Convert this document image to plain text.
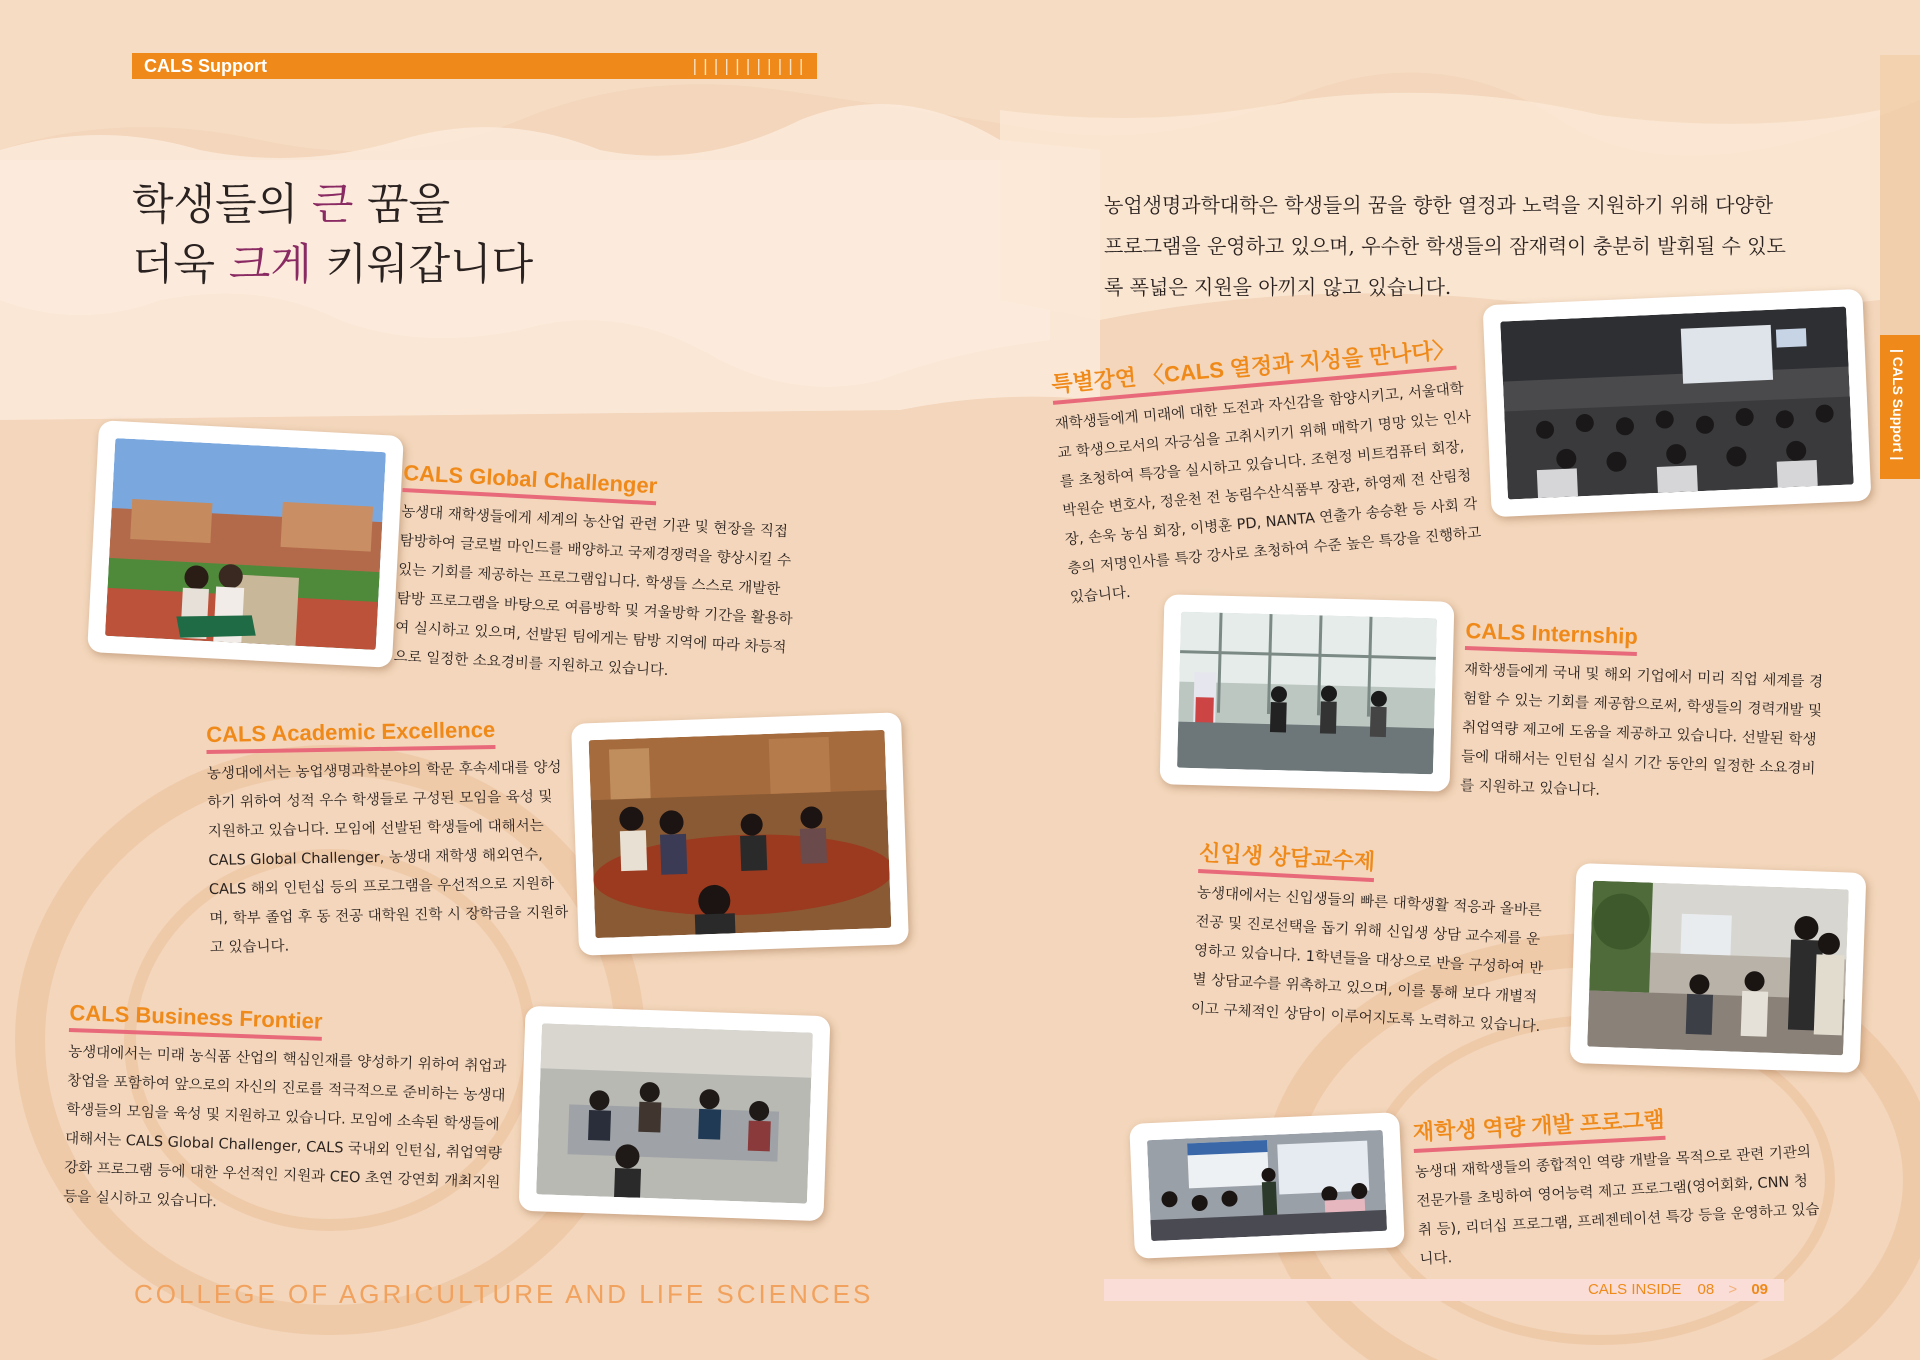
CALS Support	|||||||||||
| CALS Support |
학생들의 큰 꿈을
더욱 크게 키워갑니다
농업생명과학대학은 학생들의 꿈을 향한 열정과 노력을 지원하기 위해 다양한 프로그램을 운영하고 있으며, 우수한 학생들의 잠재력이 충분히 발휘될 수 있도록 폭넓은 지원을 아끼지 않고 있습니다.
CALS Global Challenger
농생대 재학생들에게 세계의 농산업 관련 기관 및 현장을 직접 탐방하여 글로벌 마인드를 배양하고 국제경쟁력을 향상시킬 수 있는 기회를 제공하는 프로그램입니다. 학생들 스스로 개발한 탐방 프로그램을 바탕으로 여름방학 및 겨울방학 기간을 활용하여 실시하고 있으며, 선발된 팀에게는 탐방 지역에 따라 차등적으로 일정한 소요경비를 지원하고 있습니다.
CALS Academic Excellence
농생대에서는 농업생명과학분야의 학문 후속세대를 양성하기 위하여 성적 우수 학생들로 구성된 모임을 육성 및 지원하고 있습니다. 모임에 선발된 학생들에 대해서는 CALS Global Challenger, 농생대 재학생 해외연수, CALS 해외 인턴십 등의 프로그램을 우선적으로 지원하며, 학부 졸업 후 동 전공 대학원 진학 시 장학금을 지원하고 있습니다.
CALS Business Frontier
농생대에서는 미래 농식품 산업의 핵심인재를 양성하기 위하여 취업과 창업을 포함하여 앞으로의 자신의 진로를 적극적으로 준비하는 농생대 학생들의 모임을 육성 및 지원하고 있습니다. 모임에 소속된 학생들에 대해서는 CALS Global Challenger, CALS 국내외 인턴십, 취업역량 강화 프로그램 등에 대한 우선적인 지원과 CEO 초연 강연회 개최지원 등을 실시하고 있습니다.
특별강연 〈CALS 열정과 지성을 만나다〉
재학생들에게 미래에 대한 도전과 자신감을 함양시키고, 서울대학교 학생으로서의 자긍심을 고취시키기 위해 매학기 명망 있는 인사를 초청하여 특강을 실시하고 있습니다. 조현정 비트컴퓨터 회장, 박원순 변호사, 정운천 전 농림수산식품부 장관, 하영제 전 산림청장, 손욱 농심 회장, 이병훈 PD, NANTA 연출가 송승환 등 사회 각층의 저명인사를 특강 강사로 초청하여 수준 높은 특강을 진행하고 있습니다.
CALS Internship
재학생들에게 국내 및 해외 기업에서 미리 직업 세계를 경험할 수 있는 기회를 제공함으로써, 학생들의 경력개발 및 취업역량 제고에 도움을 제공하고 있습니다. 선발된 학생들에 대해서는 인턴십 실시 기간 동안의 일정한 소요경비를 지원하고 있습니다.
신입생 상담교수제
농생대에서는 신입생들의 빠른 대학생활 적응과 올바른 전공 및 진로선택을 돕기 위해 신입생 상담 교수제를 운영하고 있습니다. 1학년들을 대상으로 반을 구성하여 반별 상담교수를 위촉하고 있으며, 이를 통해 보다 개별적이고 구체적인 상담이 이루어지도록 노력하고 있습니다.
재학생 역량 개발 프로그램
농생대 재학생들의 종합적인 역량 개발을 목적으로 관련 기관의 전문가를 초빙하여 영어능력 제고 프로그램(영어회화, CNN 청취 등), 리더십 프로그램, 프레젠테이션 특강 등을 운영하고 있습니다.
COLLEGE OF AGRICULTURE AND LIFE SCIENCES	CALS INSIDE 08 > 09
